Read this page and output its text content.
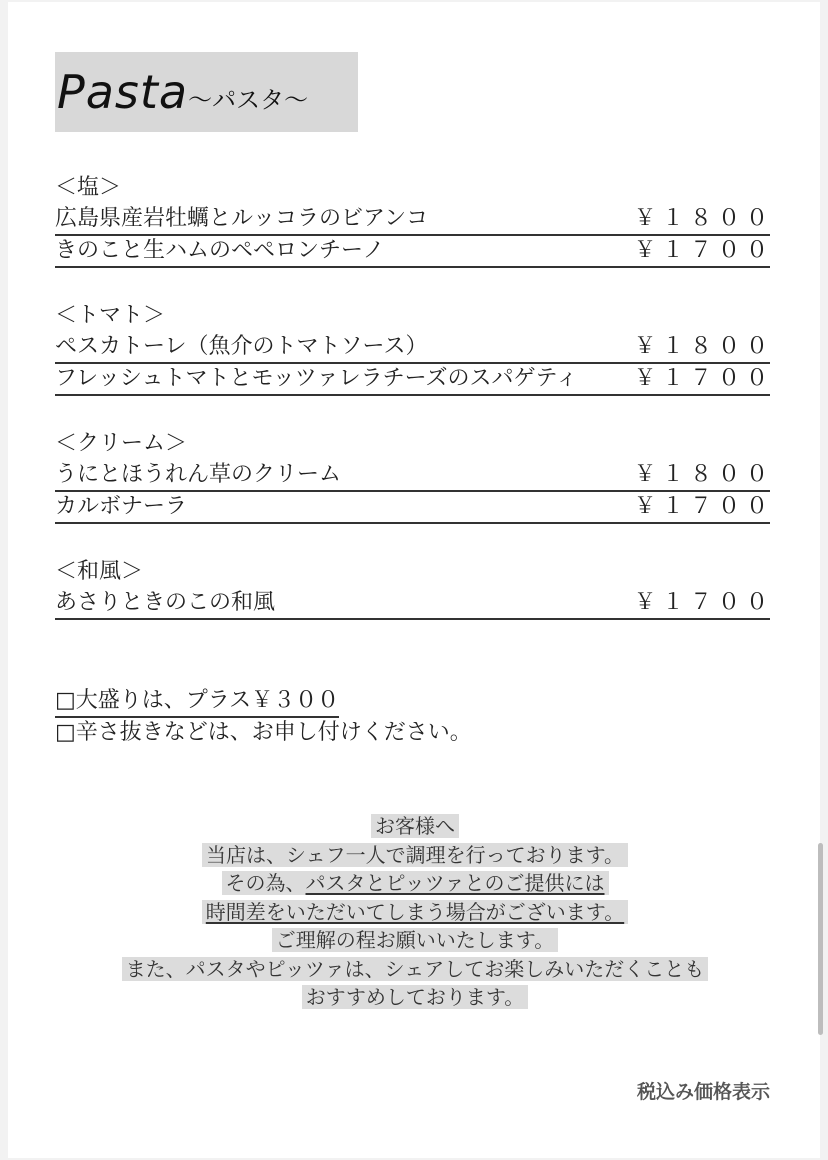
Pasta ～パスタ～
＜塩＞
広島県産岩牡蠣とルッコラのビアンコ	￥１８００
きのこと生ハムのペペロンチーノ	￥１７００
＜トマト＞
ペスカトーレ（魚介のトマトソース）	￥１８００
フレッシュトマトとモッツァレラチーズのスパゲティ	￥１７００
＜クリーム＞
うにとほうれん草のクリーム	￥１８００
カルボナーラ	￥１７００
＜和風＞
あさりときのこの和風	￥１７００
□大盛りは、プラス￥３００
□辛さ抜きなどは、お申し付けください。
お客様へ
当店は、シェフ一人で調理を行っております。
その為、パスタとピッツァとのご提供には
時間差をいただいてしまう場合がございます。
ご理解の程お願いいたします。
また、パスタやピッツァは、シェアしてお楽しみいただくことも
おすすめしております。
税込み価格表示
